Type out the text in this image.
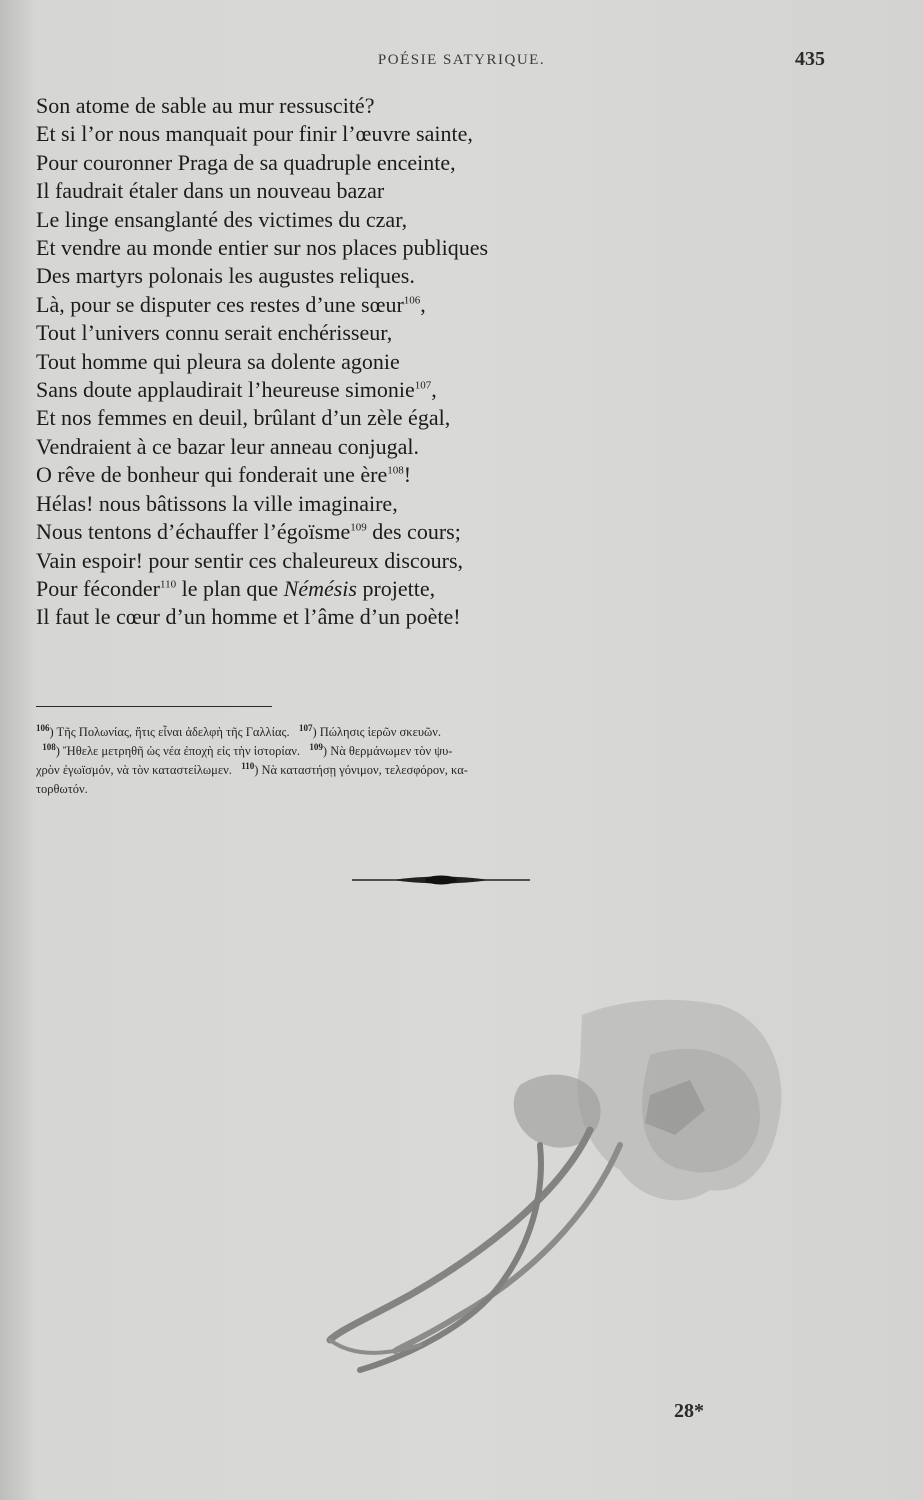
POÉSIE SATYRIQUE.	435
Son atome de sable au mur ressuscité?
Et si l’or nous manquait pour finir l’œuvre sainte,
Pour couronner Praga de sa quadruple enceinte,
Il faudrait étaler dans un nouveau bazar
Le linge ensanglanté des victimes du czar,
Et vendre au monde entier sur nos places publiques
Des martyrs polonais les augustes reliques.
Là, pour se disputer ces restes d’une sœur$^{106}$,
Tout l’univers connu serait enchérisseur,
Tout homme qui pleura sa dolente agonie
Sans doute applaudirait l’heureuse simonie$^{107}$,
Et nos femmes en deuil, brûlant d’un zèle égal,
Vendraient à ce bazar leur anneau conjugal.
O rêve de bonheur qui fonderait une ère$^{108}$!
Hélas! nous bâtissons la ville imaginaire,
Nous tentons d’échauffer l’égoïsme$^{109}$ des cours;
Vain espoir! pour sentir ces chaleureux discours,
Pour féconder$^{110}$ le plan que Némésis projette,
Il faut le cœur d’un homme et l’âme d’un poète!
$^{106}$) Τῆς Πολωνίας, ἥτις εἶναι ἀδελφὴ τῆς Γαλλίας. $^{107}$) Πώλησις ἱερῶν σκευῶν.
$^{108}$) Ἤθελε μετρηθῆ ὡς νέα ἐποχὴ εἰς τὴν ἱστορίαν. $^{109}$) Νὰ θερμάνωμεν τὸν ψυ-
χρὸν ἐγωϊσμόν, νὰ τὸν καταστείλωμεν. $^{110}$) Νὰ καταστήσῃ γόνιμον, τελεσφόρον, κα-
τορθωτόν.
28*
